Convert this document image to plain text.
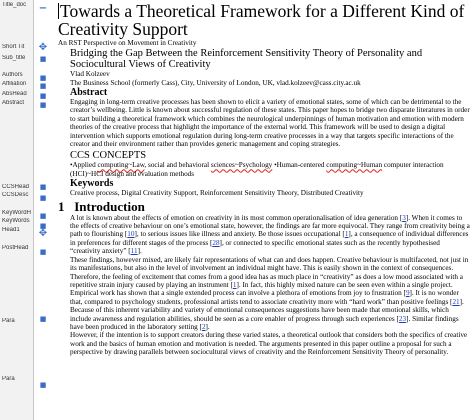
Title_doc
Short Tit
Sub_title
Authors
Affiliation
AbsHead
Abstract
CCSHead
CCSDesc
KeyWordH
KeyWords
Head1
PostHead
Para
Para
−
✥
■
■
■
■
■
■
■
■
■
✥
■
■
■
Towards a Theoretical Framework for a Different Kind of Creativity Support
An RST Perspective on Movement in Creativity
Bridging the Gap Between the Reinforcement Sensitivity Theory of Personality and Sociocultural Views of Creativity
Vlad Kolzeev
The Business School (formerly Cass), City, University of London, UK, vlad.kolzeev@cass.city.ac.uk
Abstract
Engaging in long-term creative processes has been shown to elicit a variety of emotional states, some of which can be detrimental to the creator’s wellbeing. Little is known about successful regulation of these states. This paper hopes to bridge two disparate literatures in order to start building a theoretical framework which combines the neurological underpinnings of human motivation and emotion with modern theories of the creative process that highlight the importance of the external world. This framework will be used to design a digital intervention which supports emotional regulation during long-term creative processes in a way that targets specific interactions of the creator and their environment rather than provides generic management and coping strategies.
CCS CONCEPTS
•Applied computing~Law, social and behavioral sciences~Psychology •Human-centered computing~Human computer interaction (HCI)~HCI design and evaluation methods
Keywords
Creative process, Digital Creativity Support, Reinforcement Sensitivity Theory, Distributed Creativity
1 Introduction
A lot is known about the effects of emotion on creativity in its most common operationalisation of idea generation [3]. When it comes to the effects of creative behaviour on one’s emotional state, however, the findings are far more equivocal. They range from creativity being a path to flourishing [10], to serious issues like illness and anxiety. Be those issues occupational [1], a consequence of individual differences in preferences for different stages of the process [28], or connected to specific emotional states such as the recently hypothesised “creativity anxiety” [11].
These findings, however mixed, are likely fair representations of what can and does happen. Creative behaviour is multifaceted, not just in its manifestations, but also in the level of involvement an individual might have. This is easily shown in the context of consequences. Therefore, the feeling of excitement that comes from a good idea has as much place in “creativity” as does a low mood associated with a repetitive strain injury caused by playing an instrument [1]. In fact, this highly mixed nature can be seen even within a single project. Empirical work has shown that a single extended process can involve a plethora of emotions from joy to frustration [9]. It is no wonder that, compared to psychology students, professional artists tend to associate creativity more with “hard work” than positive feelings [21]. Because of this inherent variability and variety of emotional consequences suggestions have been made that emotional skills, which include awareness and regulation abilities, should be seen as a core enabler of progress through such experiences [23]. Similar findings have been produced in the laboratory setting [2].
However, if the intention is to support creators during these varied states, a theoretical outlook that considers both the specifics of creative work and the basics of human emotion and motivation is needed. The arguments presented in this paper outline a proposal for such a perspective by drawing parallels between sociocultural views of creativity and the Reinforcement Sensitivity Theory of personality.
